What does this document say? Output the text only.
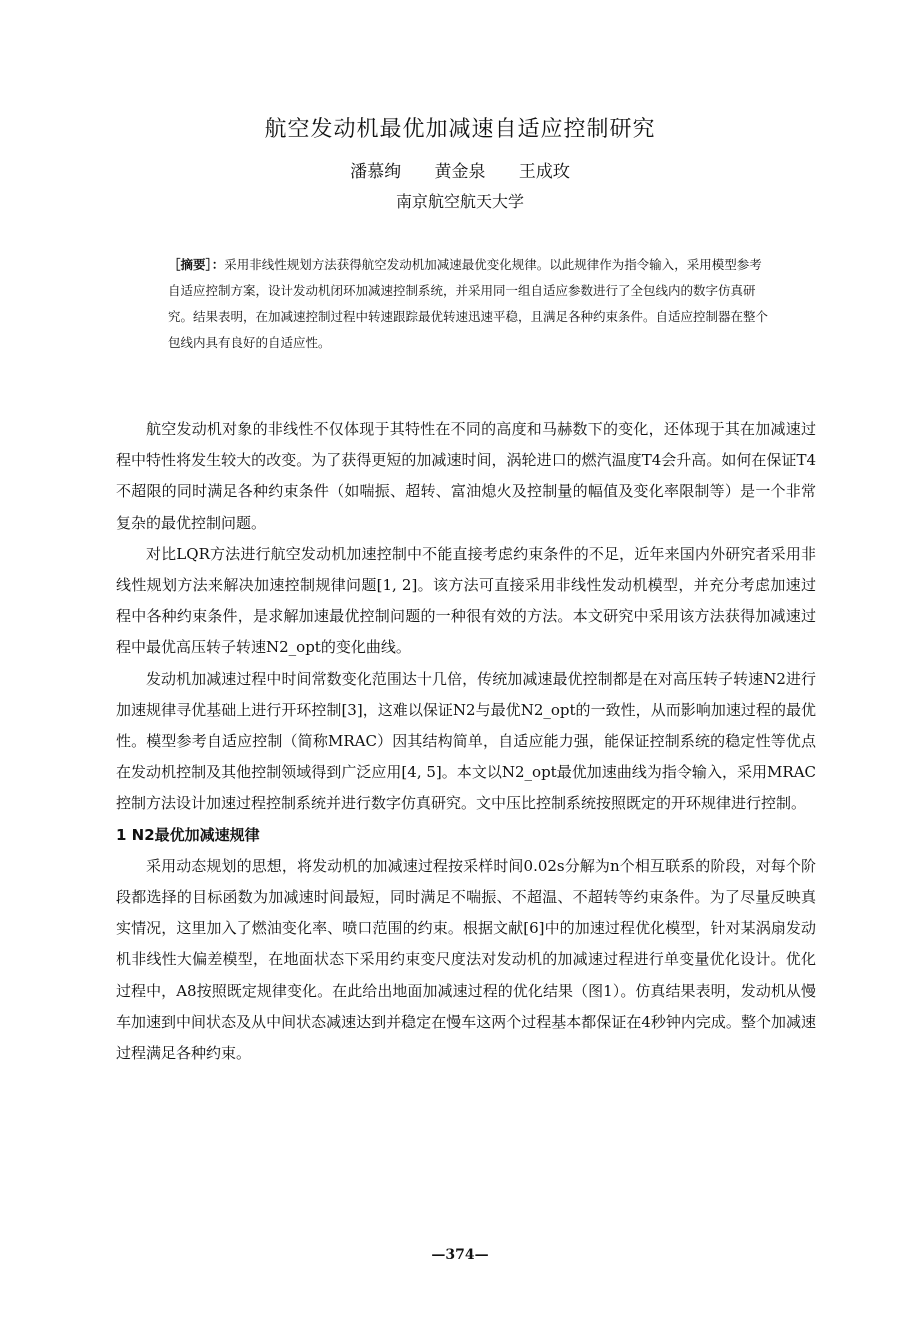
航空发动机最优加减速自适应控制研究
潘慕绚 黄金泉 王成玫
南京航空航天大学

［摘要］：采用非线性规划方法获得航空发动机加减速最优变化规律。以此规律作为指令输入，采用模型参考自适应控制方案，设计发动机闭环加减速控制系统，并采用同一组自适应参数进行了全包线内的数字仿真研究。结果表明，在加减速控制过程中转速跟踪最优转速迅速平稳，且满足各种约束条件。自适应控制器在整个包线内具有良好的自适应性。

航空发动机对象的非线性不仅体现于其特性在不同的高度和马赫数下的变化，还体现于其在加减速过程中特性将发生较大的改变。为了获得更短的加减速时间，涡轮进口的燃汽温度T4会升高。如何在保证T4不超限的同时满足各种约束条件（如喘振、超转、富油熄火及控制量的幅值及变化率限制等）是一个非常复杂的最优控制问题。

对比LQR方法进行航空发动机加速控制中不能直接考虑约束条件的不足，近年来国内外研究者采用非线性规划方法来解决加速控制规律问题[1, 2]。该方法可直接采用非线性发动机模型，并充分考虑加速过程中各种约束条件，是求解加速最优控制问题的一种很有效的方法。本文研究中采用该方法获得加减速过程中最优高压转子转速N2_opt的变化曲线。

发动机加减速过程中时间常数变化范围达十几倍，传统加减速最优控制都是在对高压转子转速N2进行加速规律寻优基础上进行开环控制[3]，这难以保证N2与最优N2_opt的一致性，从而影响加速过程的最优性。模型参考自适应控制（简称MRAC）因其结构简单，自适应能力强，能保证控制系统的稳定性等优点在发动机控制及其他控制领域得到广泛应用[4, 5]。本文以N2_opt最优加速曲线为指令输入，采用MRAC控制方法设计加速过程控制系统并进行数字仿真研究。文中压比控制系统按照既定的开环规律进行控制。

1 N2最优加减速规律

采用动态规划的思想，将发动机的加减速过程按采样时间0.02s分解为n个相互联系的阶段，对每个阶段都选择的目标函数为加减速时间最短，同时满足不喘振、不超温、不超转等约束条件。为了尽量反映真实情况，这里加入了燃油变化率、喷口范围的约束。根据文献[6]中的加速过程优化模型，针对某涡扇发动机非线性大偏差模型，在地面状态下采用约束变尺度法对发动机的加减速过程进行单变量优化设计。优化过程中，A8按照既定规律变化。在此给出地面加减速过程的优化结果（图1）。仿真结果表明，发动机从慢车加速到中间状态及从中间状态减速达到并稳定在慢车这两个过程基本都保证在4秒钟内完成。整个加减速过程满足各种约束。

—374—
